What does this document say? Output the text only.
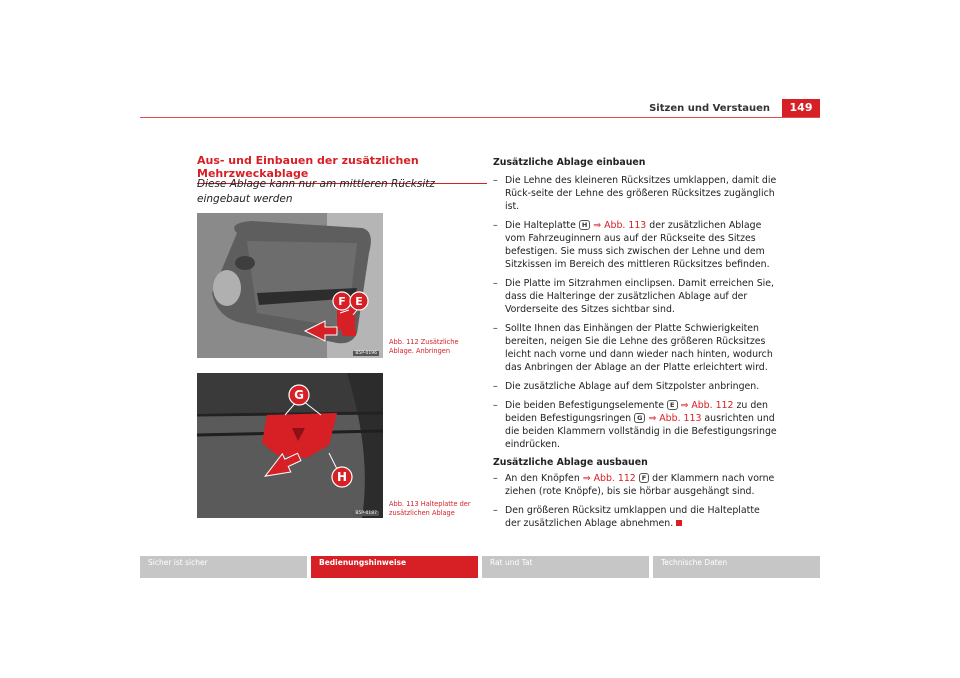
Sitzen und Verstauen	149
Aus- und Einbauen der zusätzlichen Mehrzweckablage
Diese Ablage kann nur am mittleren Rücksitz eingebaut werden
F E
B5P-0196
Abb. 112 Zusätzliche Ablage. Anbringen
G
H
B5P-0187
Abb. 113 Halteplatte der zusätzlichen Ablage
Zusätzliche Ablage einbauen
– Die Lehne des kleineren Rücksitzes umklappen, damit die Rück-seite der Lehne des größeren Rücksitzes zugänglich ist.
– Die Halteplatte H ⇒ Abb. 113 der zusätzlichen Ablage vom Fahrzeuginnern aus auf der Rückseite des Sitzes befestigen. Sie muss sich zwischen der Lehne und dem Sitzkissen im Bereich des mittleren Rücksitzes befinden.
– Die Platte im Sitzrahmen einclipsen. Damit erreichen Sie, dass die Halteringe der zusätzlichen Ablage auf der Vorderseite des Sitzes sichtbar sind.
– Sollte Ihnen das Einhängen der Platte Schwierigkeiten bereiten, neigen Sie die Lehne des größeren Rücksitzes leicht nach vorne und dann wieder nach hinten, wodurch das Anbringen der Ablage an der Platte erleichtert wird.
– Die zusätzliche Ablage auf dem Sitzpolster anbringen.
– Die beiden Befestigungselemente E ⇒ Abb. 112 zu den beiden Befestigungsringen G ⇒ Abb. 113 ausrichten und die beiden Klammern vollständig in die Befestigungsringe eindrücken.
Zusätzliche Ablage ausbauen
– An den Knöpfen ⇒ Abb. 112 F der Klammern nach vorne ziehen (rote Knöpfe), bis sie hörbar ausgehängt sind.
– Den größeren Rücksitz umklappen und die Halteplatte der zusätzlichen Ablage abnehmen.
Sicher ist sicher	Bedienungshinweise	Rat und Tat	Technische Daten
